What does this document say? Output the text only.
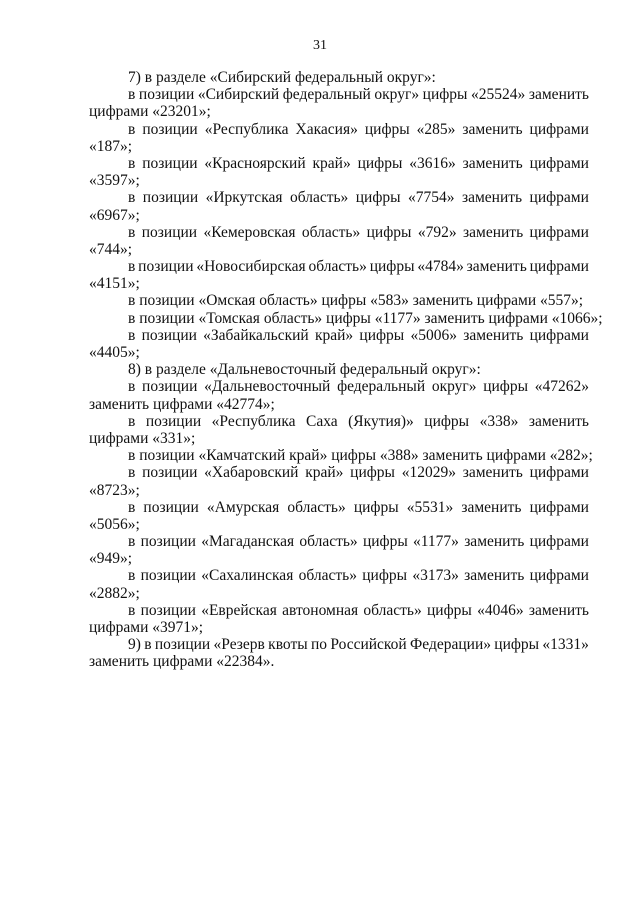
31
7) в разделе «Сибирский федеральный округ»:
в позиции «Сибирский федеральный округ» цифры «25524» заменить
цифрами «23201»;
в позиции «Республика Хакасия» цифры «285» заменить цифрами
«187»;
в позиции «Красноярский край» цифры «3616» заменить цифрами
«3597»;
в позиции «Иркутская область» цифры «7754» заменить цифрами
«6967»;
в позиции «Кемеровская область» цифры «792» заменить цифрами
«744»;
в позиции «Новосибирская область» цифры «4784» заменить цифрами
«4151»;
в позиции «Омская область» цифры «583» заменить цифрами «557»;
в позиции «Томская область» цифры «1177» заменить цифрами «1066»;
в позиции «Забайкальский край» цифры «5006» заменить цифрами
«4405»;
8) в разделе «Дальневосточный федеральный округ»:
в позиции «Дальневосточный федеральный округ» цифры «47262»
заменить цифрами «42774»;
в позиции «Республика Саха (Якутия)» цифры «338» заменить
цифрами «331»;
в позиции «Камчатский край» цифры «388» заменить цифрами «282»;
в позиции «Хабаровский край» цифры «12029» заменить цифрами
«8723»;
в позиции «Амурская область» цифры «5531» заменить цифрами
«5056»;
в позиции «Магаданская область» цифры «1177» заменить цифрами
«949»;
в позиции «Сахалинская область» цифры «3173» заменить цифрами
«2882»;
в позиции «Еврейская автономная область» цифры «4046» заменить
цифрами «3971»;
9) в позиции «Резерв квоты по Российской Федерации» цифры «1331»
заменить цифрами «22384».
